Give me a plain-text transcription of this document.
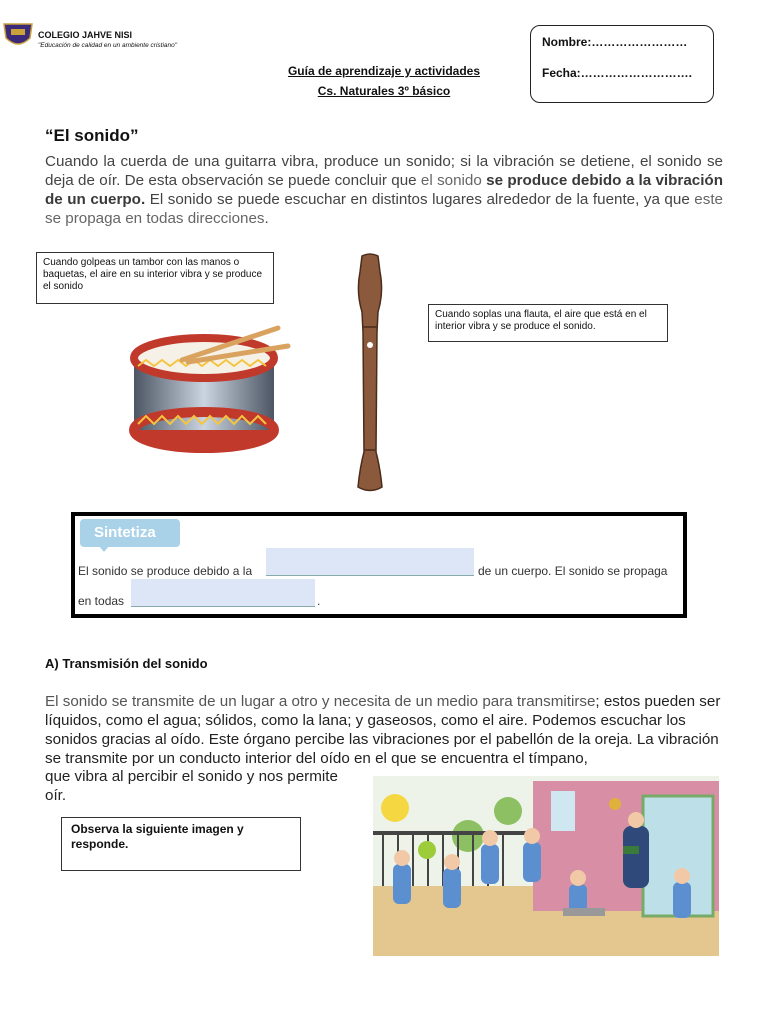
COLEGIO JAHVE NISI
"Educación de calidad en un ambiente cristiano"
Guía de aprendizaje y actividades
Cs. Naturales 3º básico
Nombre:……………………
Fecha:……………………….
“El sonido”
Cuando la cuerda de una guitarra vibra, produce un sonido; si la vibración se detiene, el sonido se deja de oír. De esta observación se puede concluir que el sonido se produce debido a la vibración de un cuerpo. El sonido se puede escuchar en distintos lugares alrededor de la fuente, ya que este se propaga en todas direcciones.
Cuando golpeas un tambor con las manos o baquetas, el aire en su interior vibra y se produce el sonido
Cuando soplas una flauta, el aire que está en el interior vibra y se produce el sonido.
Sintetiza
El sonido se produce debido a la	de un cuerpo. El sonido se propaga
en todas	.
A) Transmisión del sonido
El sonido se transmite de un lugar a otro y necesita de un medio para transmitirse; estos pueden ser líquidos, como el agua; sólidos, como la lana; y gaseosos, como el aire. Podemos escuchar los sonidos gracias al oído. Este órgano percibe las vibraciones por el pabellón de la oreja. La vibración se transmite por un conducto interior del oído en el que se encuentra el tímpano,
que vibra al percibir el sonido y nos permite
oír.
Observa la siguiente imagen y responde.
